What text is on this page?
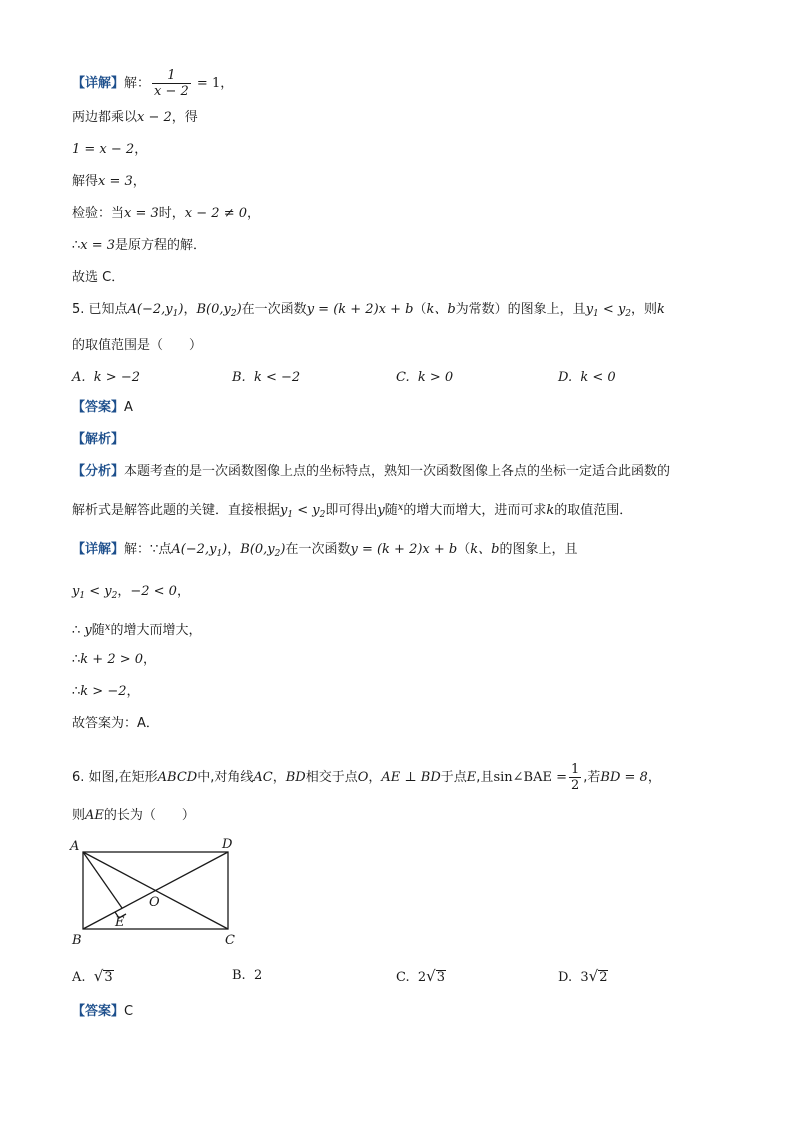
【详解】解： $\frac{1}{x - 2} = 1$，
两边都乘以x − 2，得
1 = x − 2，
解得x = 3，
检验：当x = 3时，x − 2 ≠ 0，
∴x = 3是原方程的解．
故选 C．
5. 已知点$A(-2,y_1)$，$B(0,y_2)$在一次函数y = (k + 2)x + b（k、b为常数）的图象上，且$y_1 < y_2$，则k
的取值范围是（　　）
A. k > −2	B. k < −2	C. k > 0	D. k < 0
【答案】A
【解析】
【分析】本题考查的是一次函数图像上点的坐标特点，熟知一次函数图像上各点的坐标一定适合此函数的
解析式是解答此题的关键．直接根据$y_1 < y_2$即可得出y随$^x$的增大而增大，进而可求k的取值范围．
【详解】解：∵点$A(-2,y_1)$，$B(0,y_2)$在一次函数y = (k + 2)x + b（k、b的图象上，且
$y_1 < y_2$，−2 < 0，
∴ y随$^x$的增大而增大，
∴k + 2 > 0，
∴k > −2，
故答案为：A．
6. 如图,在矩形ABCD中,对角线AC，BD相交于点O，AE ⊥ BD于点E,且sin∠BAE = $\frac{1}{2}$ ,若BD = 8，
则AE的长为（　　）
A	D
B	C
E
O
A. √3	B. 2	C. 2√3	D. 3√2
【答案】C
